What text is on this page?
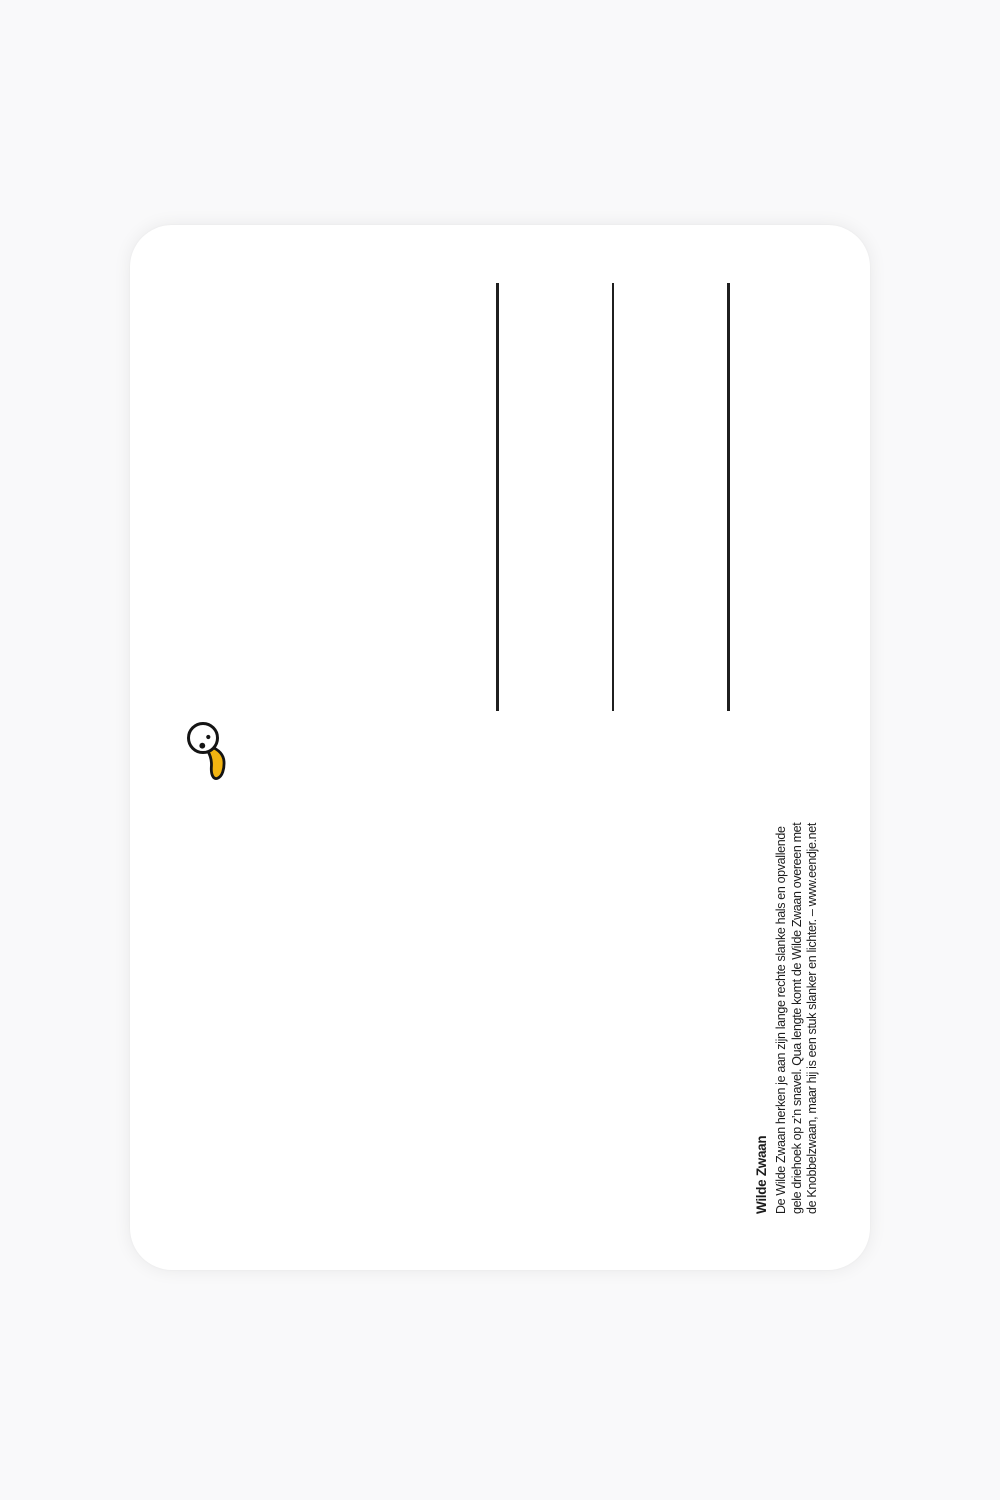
Wilde Zwaan De Wilde Zwaan herken je aan zijn lange rechte slanke hals en opvallende gele driehoek op z’n snavel. Qua lengte komt de Wilde Zwaan overeen met de Knobbelzwaan, maar hij is een stuk slanker en lichter. – www.eendje.net
